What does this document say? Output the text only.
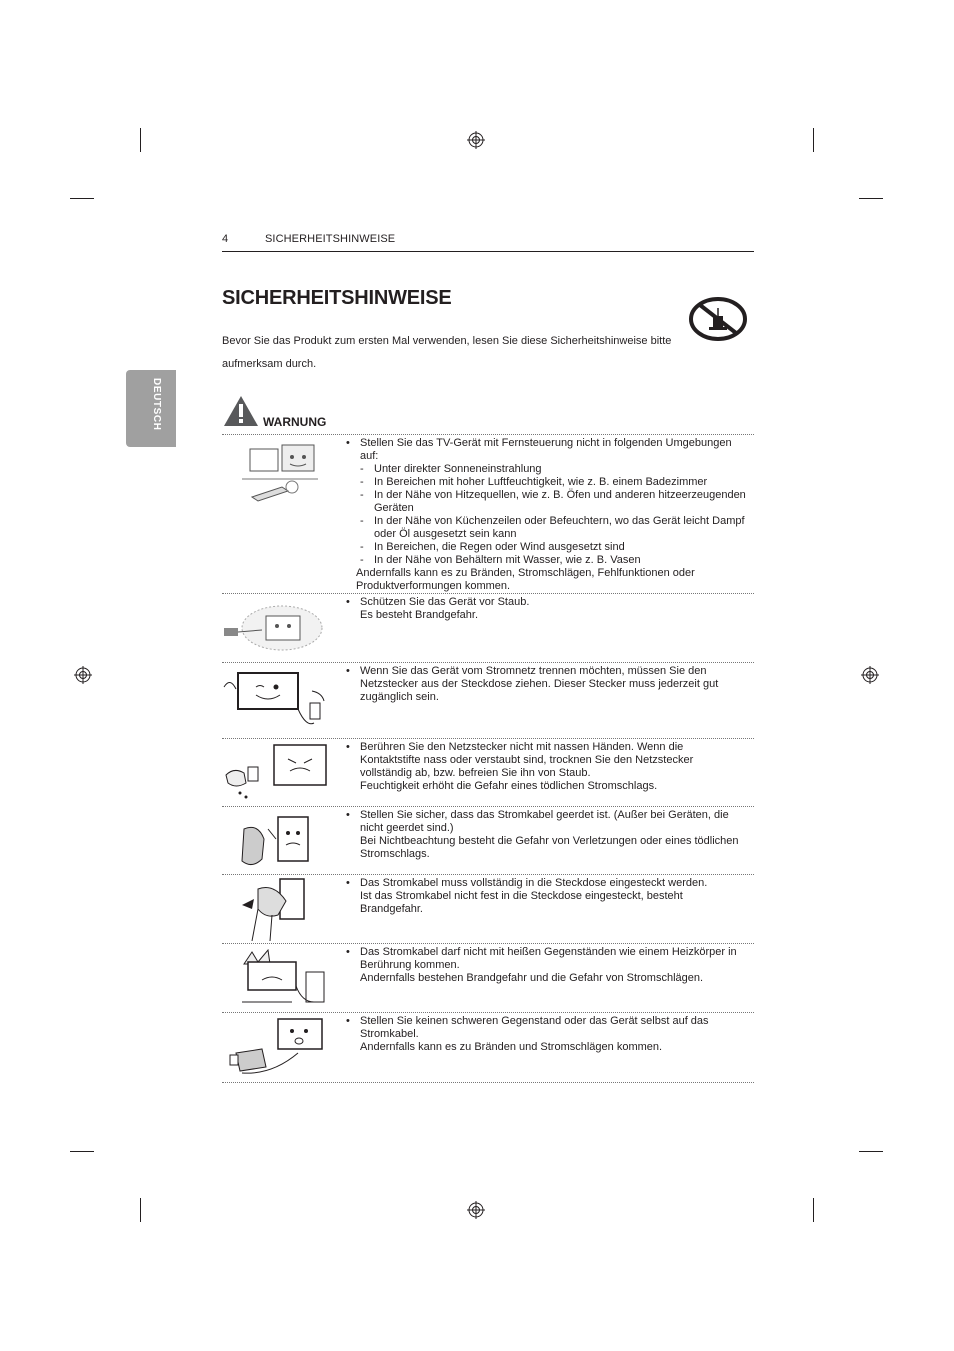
4	SICHERHEITSHINWEISE
DEUTSCH
SICHERHEITSHINWEISE
Bevor Sie das Produkt zum ersten Mal verwenden, lesen Sie diese Sicherheitshinweise bitte aufmerksam durch.
WARNUNG
• Stellen Sie das TV-Gerät mit Fernsteuerung nicht in folgenden Umgebungen auf:
- Unter direkter Sonneneinstrahlung
- In Bereichen mit hoher Luftfeuchtigkeit, wie z. B. einem Badezimmer
- In der Nähe von Hitzequellen, wie z. B. Öfen und anderen hitzeerzeugenden Geräten
- In der Nähe von Küchenzeilen oder Befeuchtern, wo das Gerät leicht Dampf oder Öl ausgesetzt sein kann
- In Bereichen, die Regen oder Wind ausgesetzt sind
- In der Nähe von Behältern mit Wasser, wie z. B. Vasen
Andernfalls kann es zu Bränden, Stromschlägen, Fehlfunktionen oder Produktverformungen kommen.
• Schützen Sie das Gerät vor Staub.
Es besteht Brandgefahr.
• Wenn Sie das Gerät vom Stromnetz trennen möchten, müssen Sie den Netzstecker aus der Steckdose ziehen. Dieser Stecker muss jederzeit gut zugänglich sein.
• Berühren Sie den Netzstecker nicht mit nassen Händen. Wenn die Kontaktstifte nass oder verstaubt sind, trocknen Sie den Netzstecker vollständig ab, bzw. befreien Sie ihn von Staub.
Feuchtigkeit erhöht die Gefahr eines tödlichen Stromschlags.
• Stellen Sie sicher, dass das Stromkabel geerdet ist. (Außer bei Geräten, die nicht geerdet sind.)
Bei Nichtbeachtung besteht die Gefahr von Verletzungen oder eines tödlichen Stromschlags.
• Das Stromkabel muss vollständig in die Steckdose eingesteckt werden.
Ist das Stromkabel nicht fest in die Steckdose eingesteckt, besteht Brandgefahr.
• Das Stromkabel darf nicht mit heißen Gegenständen wie einem Heizkörper in Berührung kommen.
Andernfalls bestehen Brandgefahr und die Gefahr von Stromschlägen.
• Stellen Sie keinen schweren Gegenstand oder das Gerät selbst auf das Stromkabel.
Andernfalls kann es zu Bränden und Stromschlägen kommen.
